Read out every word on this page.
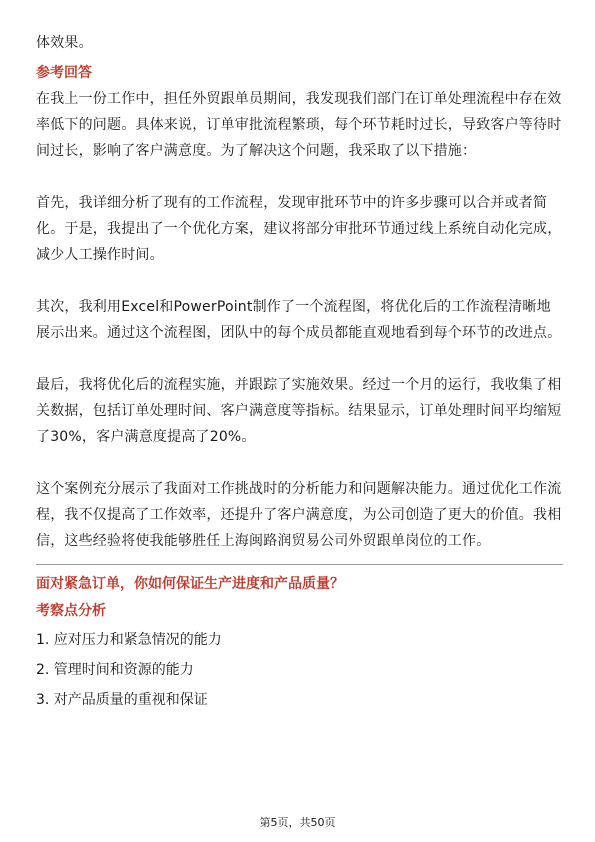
体效果。

参考回答

在我上一份工作中，担任外贸跟单员期间，我发现我们部门在订单处理流程中存在效率低下的问题。具体来说，订单审批流程繁琐，每个环节耗时过长，导致客户等待时间过长，影响了客户满意度。为了解决这个问题，我采取了以下措施：

首先，我详细分析了现有的工作流程，发现审批环节中的许多步骤可以合并或者简化。于是，我提出了一个优化方案，建议将部分审批环节通过线上系统自动化完成，减少人工操作时间。

其次，我利用Excel和PowerPoint制作了一个流程图，将优化后的工作流程清晰地展示出来。通过这个流程图，团队中的每个成员都能直观地看到每个环节的改进点。

最后，我将优化后的流程实施，并跟踪了实施效果。经过一个月的运行，我收集了相关数据，包括订单处理时间、客户满意度等指标。结果显示，订单处理时间平均缩短了30%，客户满意度提高了20%。

这个案例充分展示了我面对工作挑战时的分析能力和问题解决能力。通过优化工作流程，我不仅提高了工作效率，还提升了客户满意度，为公司创造了更大的价值。我相信，这些经验将使我能够胜任上海闽路润贸易公司外贸跟单岗位的工作。

面对紧急订单，你如何保证生产进度和产品质量？

考察点分析

1. 应对压力和紧急情况的能力

2. 管理时间和资源的能力

3. 对产品质量的重视和保证

第5页，共50页
